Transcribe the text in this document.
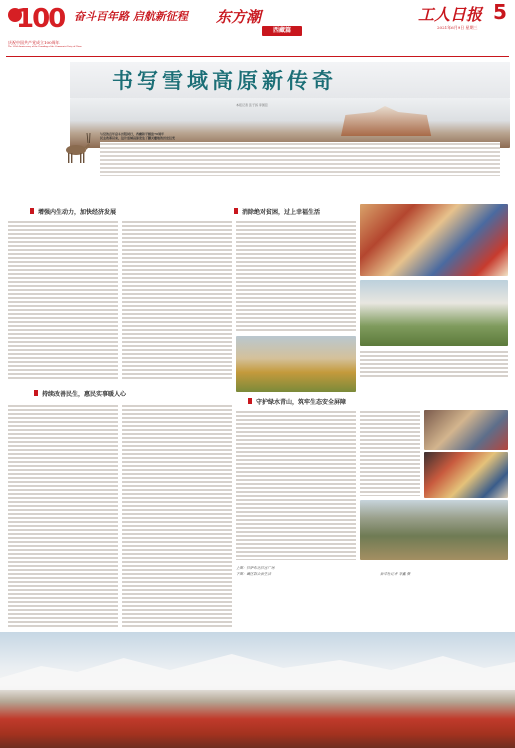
100 奋斗百年路 启航新征程
庆祝中国共产党成立100周年
The 100th Anniversary of the Founding of the Communist Party of China
东方潮
西藏篇
工人日报 5
2021年6月9日 星期三
书写雪域高原新传奇
本报记者 张子扬 李国臣
与党的百年奋斗历程同行，西藏和平解放70周年
民主改革以来，这片雪域高原发生了翻天覆地的历史巨变
增强内生动力，加快经济发展	消除绝对贫困，过上幸福生活
持续改善民生，惠民实事暖人心
守护绿水青山，筑牢生态安全屏障
上图：拉萨布达拉宫广场
下图：藏区群众新生活	新华社记者 李鑫 摄
